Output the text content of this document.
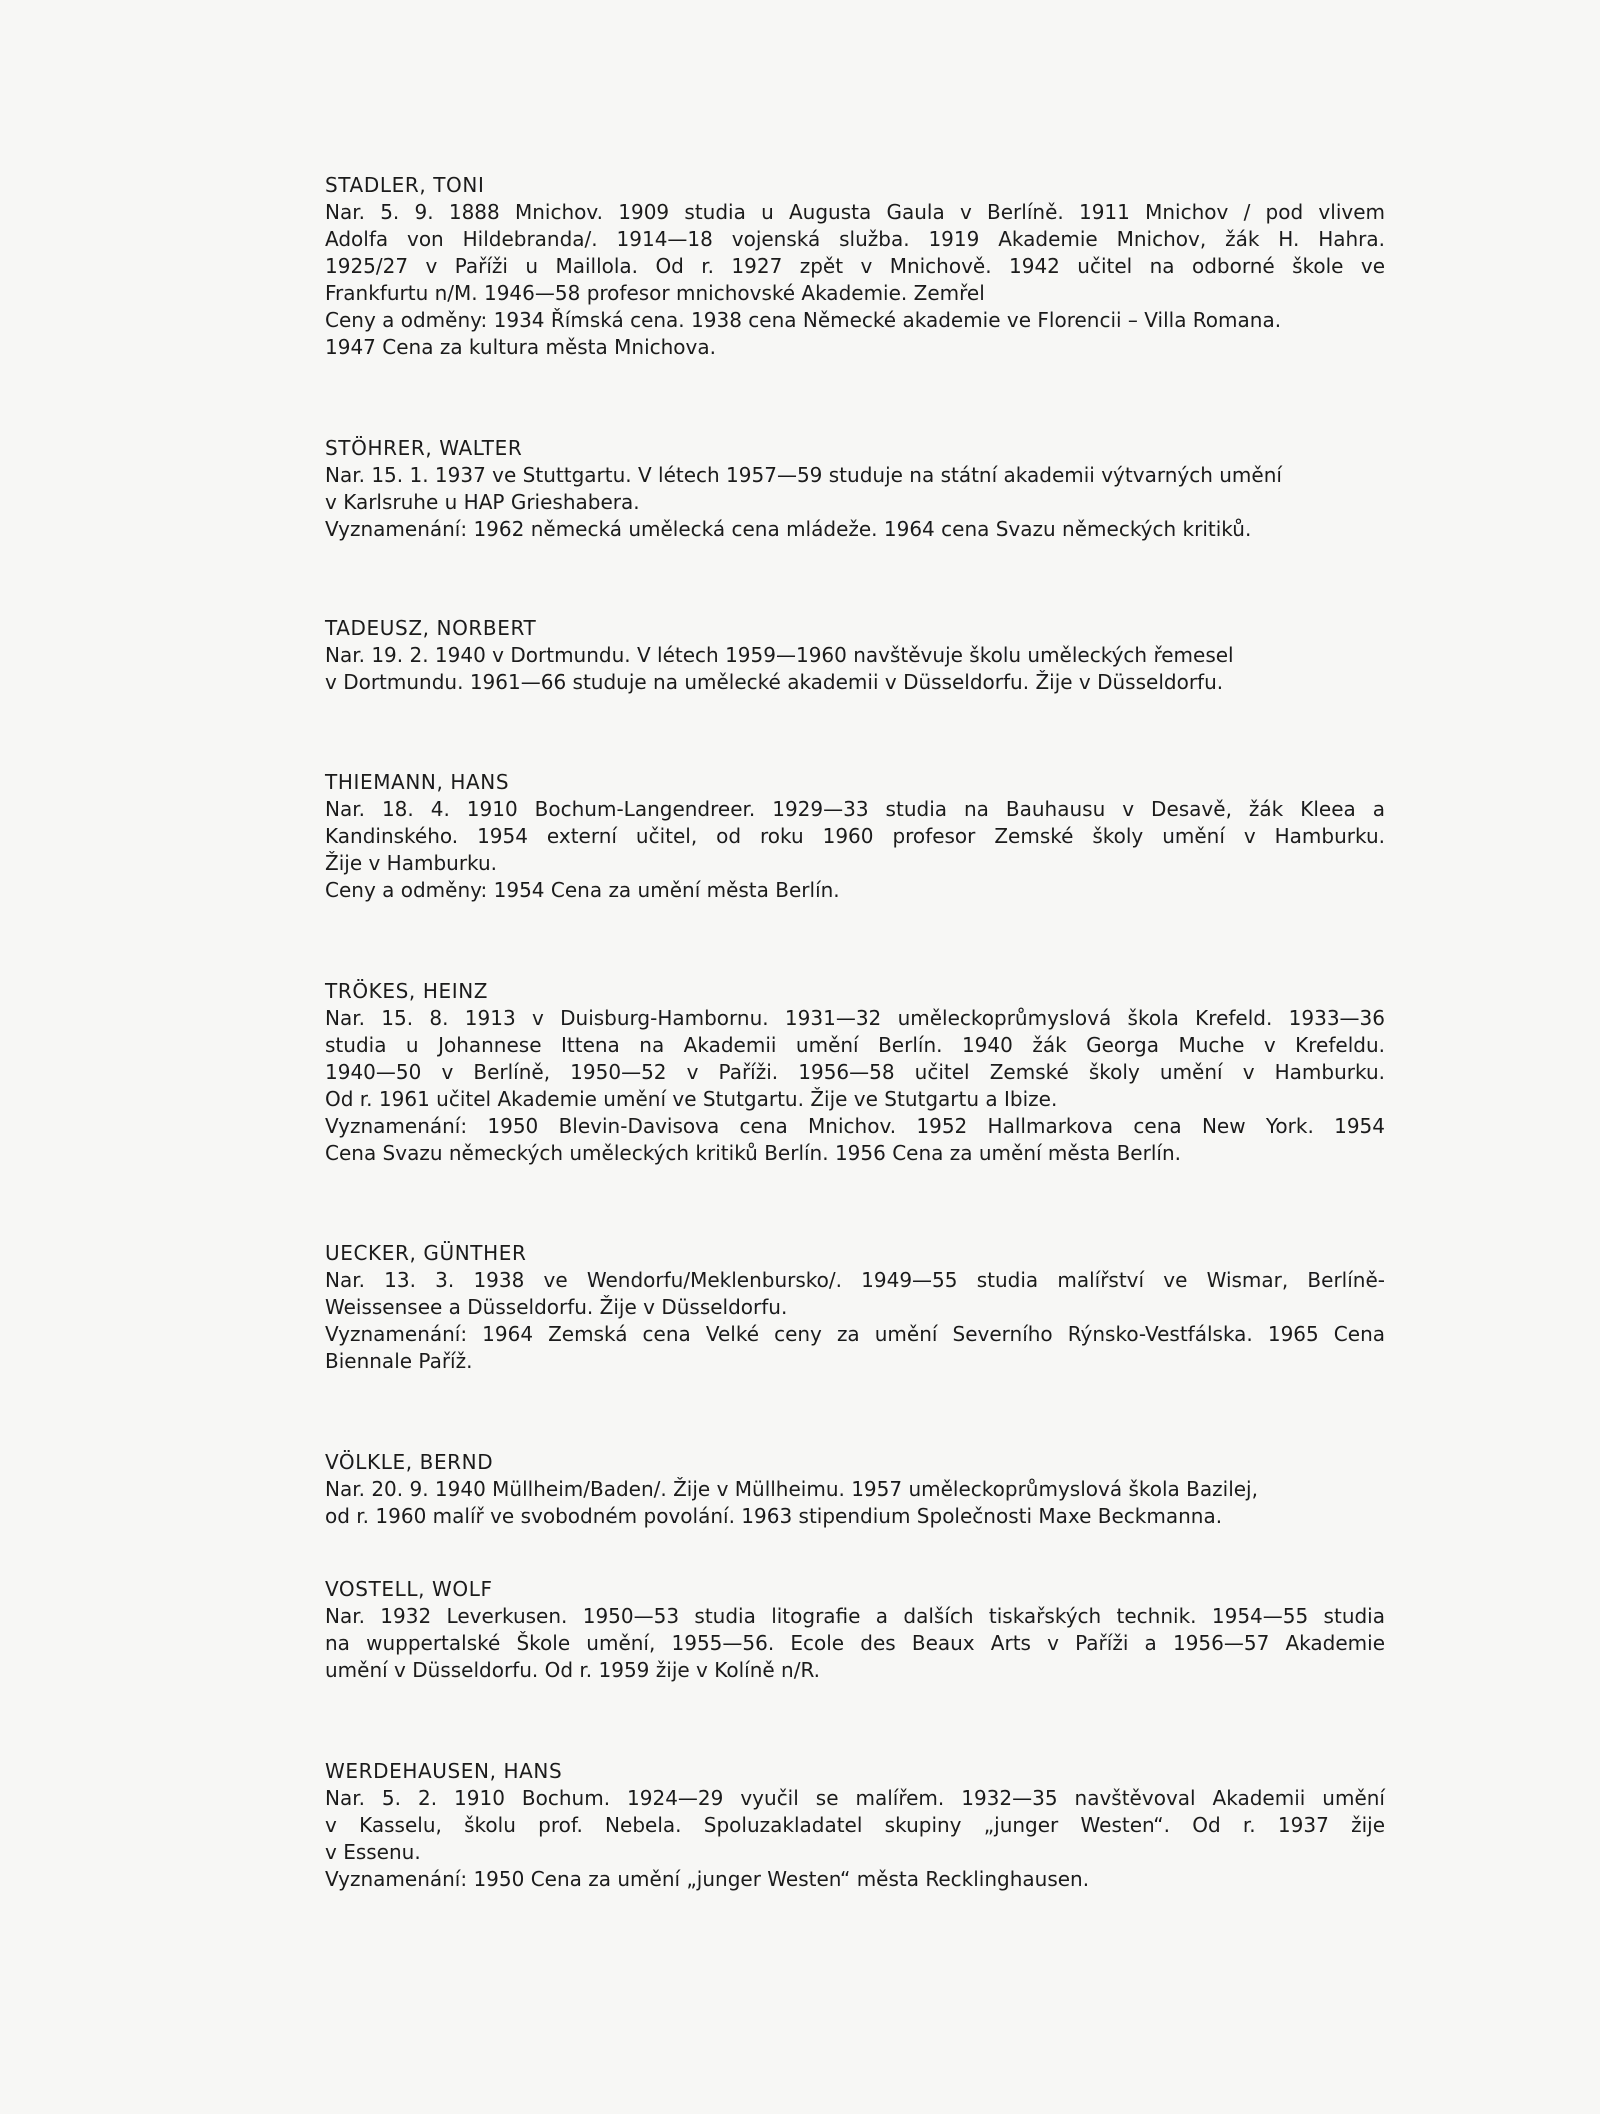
STADLER, TONI

Nar. 5. 9. 1888 Mnichov. 1909 studia u Augusta Gaula v Berlíně. 1911 Mnichov / pod vlivem

Adolfa von Hildebranda/. 1914—18 vojenská služba. 1919 Akademie Mnichov, žák H. Hahra.

1925/27 v Paříži u Maillola. Od r. 1927 zpět v Mnichově. 1942 učitel na odborné škole ve

Frankfurtu n/M. 1946—58 profesor mnichovské Akademie. Zemřel

Ceny a odměny: 1934 Římská cena. 1938 cena Německé akademie ve Florencii – Villa Romana.

1947 Cena za kultura města Mnichova.

STÖHRER, WALTER

Nar. 15. 1. 1937 ve Stuttgartu. V létech 1957—59 studuje na státní akademii výtvarných umění

v Karlsruhe u HAP Grieshabera.

Vyznamenání: 1962 německá umělecká cena mládeže. 1964 cena Svazu německých kritiků.

TADEUSZ, NORBERT

Nar. 19. 2. 1940 v Dortmundu. V létech 1959—1960 navštěvuje školu uměleckých řemesel

v Dortmundu. 1961—66 studuje na umělecké akademii v Düsseldorfu. Žije v Düsseldorfu.

THIEMANN, HANS

Nar. 18. 4. 1910 Bochum-Langendreer. 1929—33 studia na Bauhausu v Desavě, žák Kleea a

Kandinského. 1954 externí učitel, od roku 1960 profesor Zemské školy umění v Hamburku.

Žije v Hamburku.

Ceny a odměny: 1954 Cena za umění města Berlín.

TRÖKES, HEINZ

Nar. 15. 8. 1913 v Duisburg-Hambornu. 1931—32 uměleckoprůmyslová škola Krefeld. 1933—36

studia u Johannese Ittena na Akademii umění Berlín. 1940 žák Georga Muche v Krefeldu.

1940—50 v Berlíně, 1950—52 v Paříži. 1956—58 učitel Zemské školy umění v Hamburku.

Od r. 1961 učitel Akademie umění ve Stutgartu. Žije ve Stutgartu a Ibize.

Vyznamenání: 1950 Blevin-Davisova cena Mnichov. 1952 Hallmarkova cena New York. 1954

Cena Svazu německých uměleckých kritiků Berlín. 1956 Cena za umění města Berlín.

UECKER, GÜNTHER

Nar. 13. 3. 1938 ve Wendorfu/Meklenbursko/. 1949—55 studia malířství ve Wismar, Berlíně-

Weissensee a Düsseldorfu. Žije v Düsseldorfu.

Vyznamenání: 1964 Zemská cena Velké ceny za umění Severního Rýnsko-Vestfálska. 1965 Cena

Biennale Paříž.

VÖLKLE, BERND

Nar. 20. 9. 1940 Müllheim/Baden/. Žije v Müllheimu. 1957 uměleckoprůmyslová škola Bazilej,

od r. 1960 malíř ve svobodném povolání. 1963 stipendium Společnosti Maxe Beckmanna.

VOSTELL, WOLF

Nar. 1932 Leverkusen. 1950—53 studia litografie a dalších tiskařských technik. 1954—55 studia

na wuppertalské Škole umění, 1955—56. Ecole des Beaux Arts v Paříži a 1956—57 Akademie

umění v Düsseldorfu. Od r. 1959 žije v Kolíně n/R.

WERDEHAUSEN, HANS

Nar. 5. 2. 1910 Bochum. 1924—29 vyučil se malířem. 1932—35 navštěvoval Akademii umění

v Kasselu, školu prof. Nebela. Spoluzakladatel skupiny „junger Westen“. Od r. 1937 žije

v Essenu.

Vyznamenání: 1950 Cena za umění „junger Westen“ města Recklinghausen.
